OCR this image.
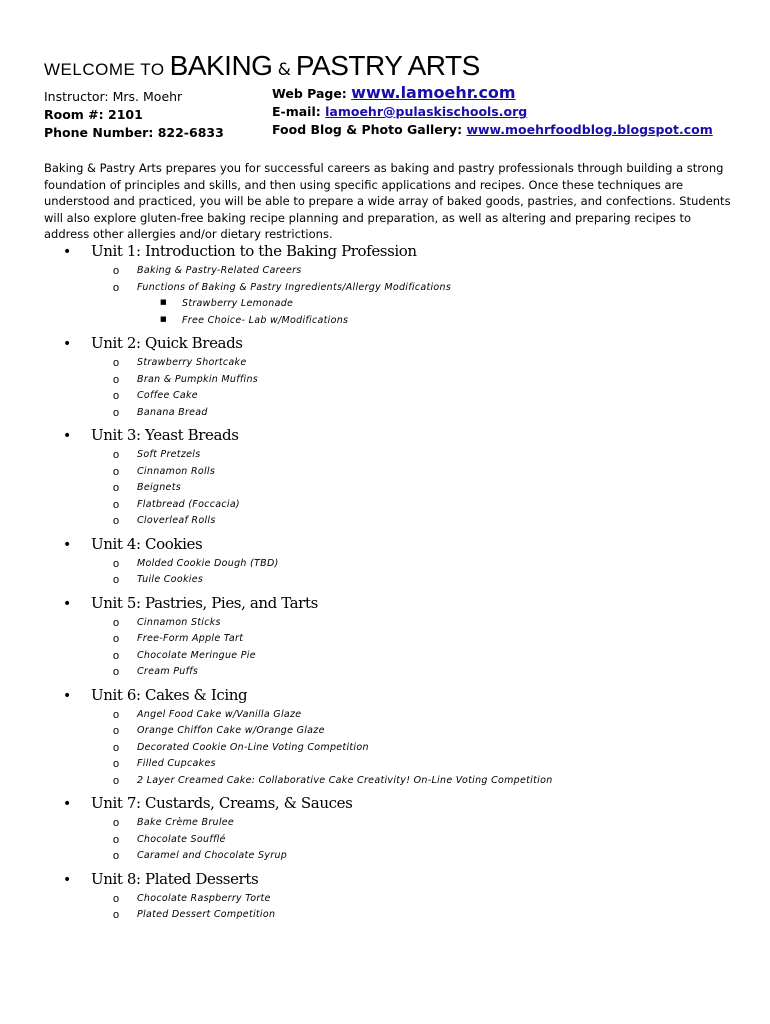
WELCOME TO BAKING & PASTRY ARTS
Instructor: Mrs. Moehr
Room #: 2101
Phone Number: 822-6833
Web Page: www.lamoehr.com
E-mail: lamoehr@pulaskischools.org
Food Blog & Photo Gallery: www.moehrfoodblog.blogspot.com
Baking & Pastry Arts prepares you for successful careers as baking and pastry professionals through building a strong foundation of principles and skills, and then using specific applications and recipes. Once these techniques are understood and practiced, you will be able to prepare a wide array of baked goods, pastries, and confections. Students will also explore gluten-free baking recipe planning and preparation, as well as altering and preparing recipes to address other allergies and/or dietary restrictions.
• Unit 1: Introduction to the Baking Profession
o Baking & Pastry-Related Careers
o Functions of Baking & Pastry Ingredients/Allergy Modifications
■ Strawberry Lemonade
■ Free Choice- Lab w/Modifications
• Unit 2: Quick Breads
o Strawberry Shortcake
o Bran & Pumpkin Muffins
o Coffee Cake
o Banana Bread
• Unit 3: Yeast Breads
o Soft Pretzels
o Cinnamon Rolls
o Beignets
o Flatbread (Foccacia)
o Cloverleaf Rolls
• Unit 4: Cookies
o Molded Cookie Dough (TBD)
o Tuile Cookies
• Unit 5: Pastries, Pies, and Tarts
o Cinnamon Sticks
o Free-Form Apple Tart
o Chocolate Meringue Pie
o Cream Puffs
• Unit 6: Cakes & Icing
o Angel Food Cake w/Vanilla Glaze
o Orange Chiffon Cake w/Orange Glaze
o Decorated Cookie On-Line Voting Competition
o Filled Cupcakes
o 2 Layer Creamed Cake: Collaborative Cake Creativity! On-Line Voting Competition
• Unit 7: Custards, Creams, & Sauces
o Bake Crème Brulee
o Chocolate Soufflé
o Caramel and Chocolate Syrup
• Unit 8: Plated Desserts
o Chocolate Raspberry Torte
o Plated Dessert Competition
